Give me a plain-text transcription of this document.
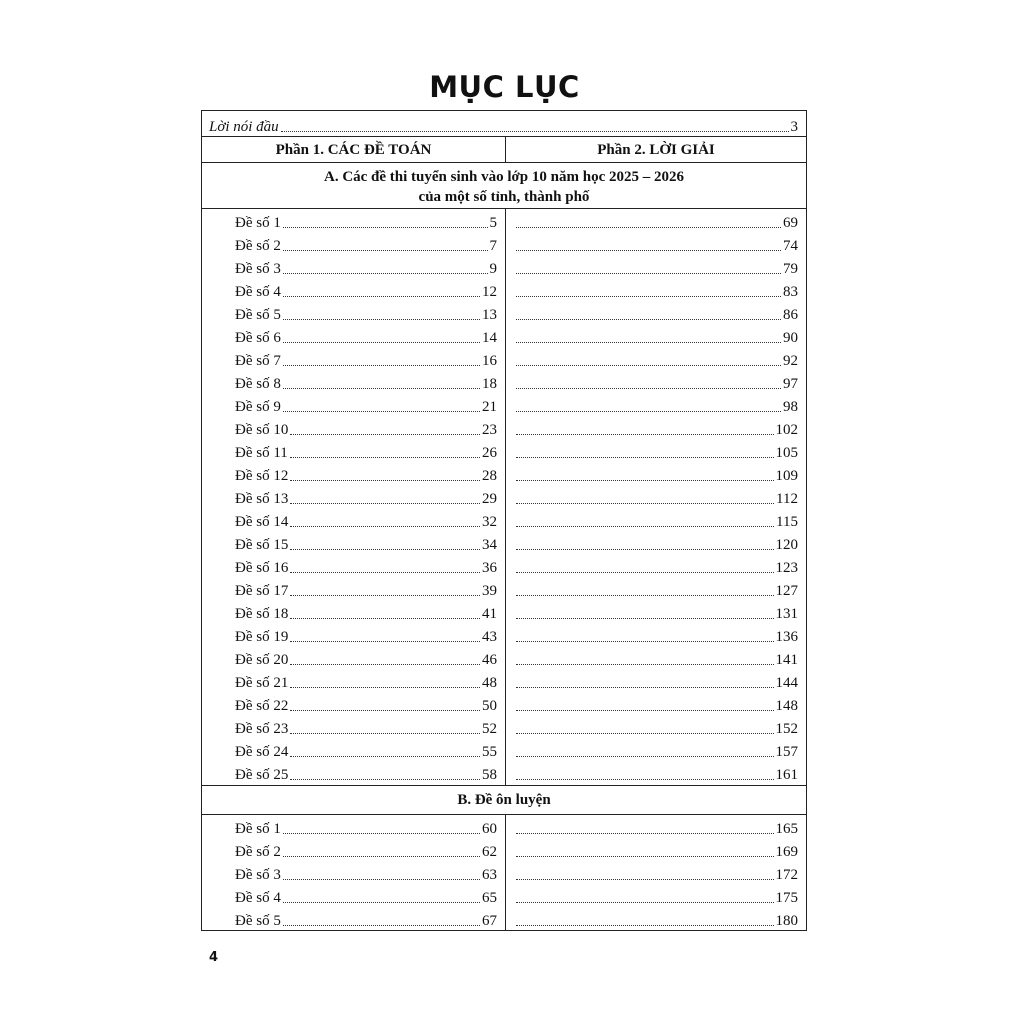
MỤC LỤC
Lời nói đầu	3
Phần 1. CÁC ĐỀ TOÁN	Phần 2. LỜI GIẢI
A. Các đề thi tuyển sinh vào lớp 10 năm học 2025 – 2026
của một số tỉnh, thành phố
Đề số 1	5	69
Đề số 2	7	74
Đề số 3	9	79
Đề số 4	12	83
Đề số 5	13	86
Đề số 6	14	90
Đề số 7	16	92
Đề số 8	18	97
Đề số 9	21	98
Đề số 10	23	102
Đề số 11	26	105
Đề số 12	28	109
Đề số 13	29	112
Đề số 14	32	115
Đề số 15	34	120
Đề số 16	36	123
Đề số 17	39	127
Đề số 18	41	131
Đề số 19	43	136
Đề số 20	46	141
Đề số 21	48	144
Đề số 22	50	148
Đề số 23	52	152
Đề số 24	55	157
Đề số 25	58	161
B. Đề ôn luyện
Đề số 1	60	165
Đề số 2	62	169
Đề số 3	63	172
Đề số 4	65	175
Đề số 5	67	180
4
